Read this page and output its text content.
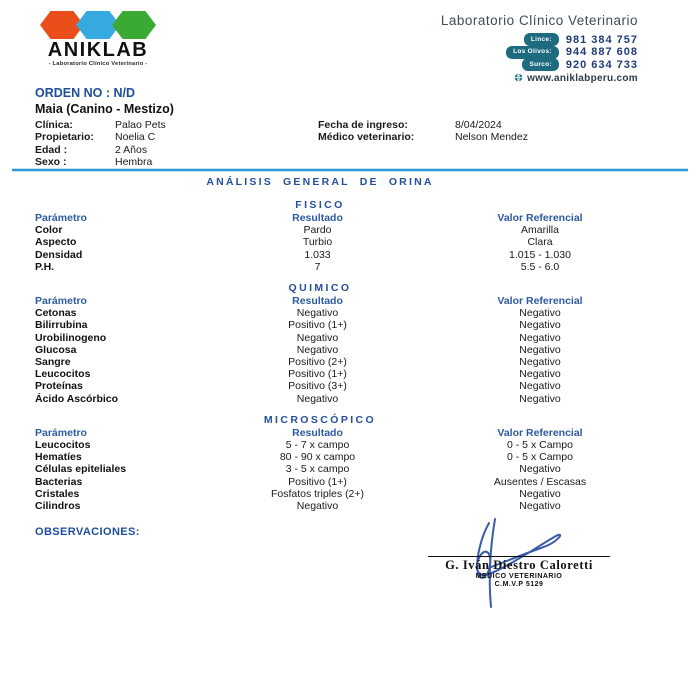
ANIKLAB
- Laboratorio Clínico Veterinario -
Laboratorio Clínico Veterinario
Lince: 981 384 757
Los Olivos: 944 887 608
Surco: 920 634 733
www.aniklabperu.com
ORDEN NO : N/D
Maia (Canino - Mestizo)
Clínica:	Palao Pets
Propietario: Noelia C
Edad :	2 Años
Sexo :	Hembra
Fecha de ingreso:	8/04/2024
Médico veterinario:	Nelson Mendez
ANÁLISIS GENERAL DE ORINA
FISICO
Parámetro	Resultado	Valor Referencial
Color	Pardo	Amarilla
Aspecto	Turbio	Clara
Densidad	1.033	1.015 - 1.030
P.H.	7	5.5 - 6.0
QUIMICO
Parámetro	Resultado	Valor Referencial
Cetonas	Negativo	Negativo
Bilirrubina	Positivo (1+)	Negativo
Urobilinogeno	Negativo	Negativo
Glucosa	Negativo	Negativo
Sangre	Positivo (2+)	Negativo
Leucocitos	Positivo (1+)	Negativo
Proteínas	Positivo (3+)	Negativo
Ácido Ascórbico	Negativo	Negativo
MICROSCÓPICO
Parámetro	Resultado	Valor Referencial
Leucocitos	5 - 7 x campo	0 - 5 x Campo
Hematíes	80 - 90 x campo	0 - 5 x Campo
Células epiteliales	3 - 5 x campo	Negativo
Bacterias	Positivo (1+)	Ausentes / Escasas
Cristales	Fosfatos triples (2+)	Negativo
Cilindros	Negativo	Negativo
OBSERVACIONES:
G. Iván Diestro Caloretti
MEDICO VETERINARIO
C.M.V.P 5129
